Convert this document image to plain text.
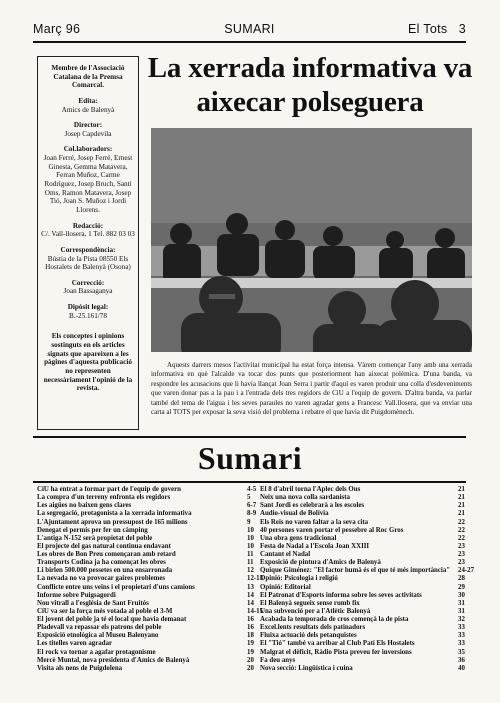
Març 96	SUMARI	El Tots 3
Membre de l'Associació Catalana de la Premsa Comarcal.
Edita:
Amics de Balenyà
Director:
Josep Capdevila
Col.laboradors:
Joan Ferré, Josep Ferré, Ernest Ginesta, Gemma Matavera, Ferran Muñoz, Carme Rodríguez, Josep Bruch, Santi Oms, Ramon Matavera, Josep Tió, Joan S. Muñoz i Jordi Llorens.
Redacció:
C/. Vall-llosera, 1 Tel. 882 03 03
Correspondència:
Bústia de la Pista 08550 Els Hostalets de Balenyà (Osona)
Correcció:
Joan Bassaganya
Dipòsit legal:
B.-25.161/78
Els conceptes i opinions sostinguts en els articles signats que apareixen a les pàgines d'aquesta publicació no representen necessàriament l'opinió de la revista.
La xerrada informativa va aixecar polseguera
Aquests darrers mesos l'activitat municipal ha estat força intensa. Vàrem començar l'any amb una xerrada informativa en què l'alcalde va tocar dos punts que posteriorment han aixecat polèmica. D'una banda, va respondre les acusacions que li havia llançat Joan Serra i partir d'aquí es varen produir una colla d'esdeveniments que varen donar pas a la pau i a l'entrada dels tres regidors de CiU a l'equip de govern. D'altra banda, va parlar també del tema de l'aigua i les seves paraules no varen agradar gens a Francesc Vall.llosera, que va enviar una carta al TOTS per exposar la seva visió del problema i rebatre el que havia dit Puigdomènech.
Sumari
CiU ha entrat a formar part de l'equip de govern	4-5
La compra d'un terreny enfronta els regidors	5
Les aigües no baixen gens clares	6-7
La segregació, protagonista a la xerrada informativa	8-9
L'Ajuntament aprova un pressupost de 165 milions	9
Denegat el permís per fer un càmping	10
L'antiga N-152 serà propietat del poble	10
El projecte del gas natural continua endavant	10
Les obres de Bon Preu començaran amb retard	11
Transports Codina ja ha començat les obres	11
Li birlen 500.000 pessetes en una ensarronada	12
La nevada no va provocar gaires problemes	12-13
Conflicte entre uns veïns i el propietari d'uns camions	13
Informe sobre Puigsagordi	14
Nou vitrall a l'església de Sant Fruitós	14
CiU va ser la força més votada al poble el 3-M	14-15
El jovent del poble ja té el local que havia demanat	16
Pladevall va repassar els patrons del poble	16
Exposició etnològica al Museu Balenyano	18
Les titelles varen agradar	19
El rock va tornar a agafar protagonisme	19
Mercè Muntal, nova presidenta d'Amics de Balenyà	20
Visita als nens de Puigdolena	20
El 8 d'abril torna l'Aplec dels Ous	21
Neix una nova colla sardanista	21
Sant Jordi es celebrarà a les escoles	21
Audio-visual de Bolívia	21
Els Reis no varen faltar a la seva cita	22
40 persones varen portar el pessebre al Roc Gros	22
Una obra gens tradicional	22
Festa de Nadal a l'Escola Joan XXIII	23
Cantant el Nadal	23
Exposició de pintura d'Amics de Balenyà	23
Quique Giménez: "El factor humà és el que té més importància"	24-27
Opinió: Psicologia i religió	28
Opinió: Editorial	29
El Patronat d'Esports informa sobre les seves activitats	30
El Balenyà segueix sense rumb fix	31
Una subvenció per a l'Atlètic Balenyà	31
Acabada la temporada de cros començà la de pista	32
Excel.lents resultats dels patinadors	33
Fluixa actuació dels petanquistes	33
El "Tió" també va arribar al Club Patí Els Hostalets	33
Malgrat el dèficit, Ràdio Pista preveu fer inversions	35
Fa deu anys	36
Nova secció: Lingüística i cuina	40
